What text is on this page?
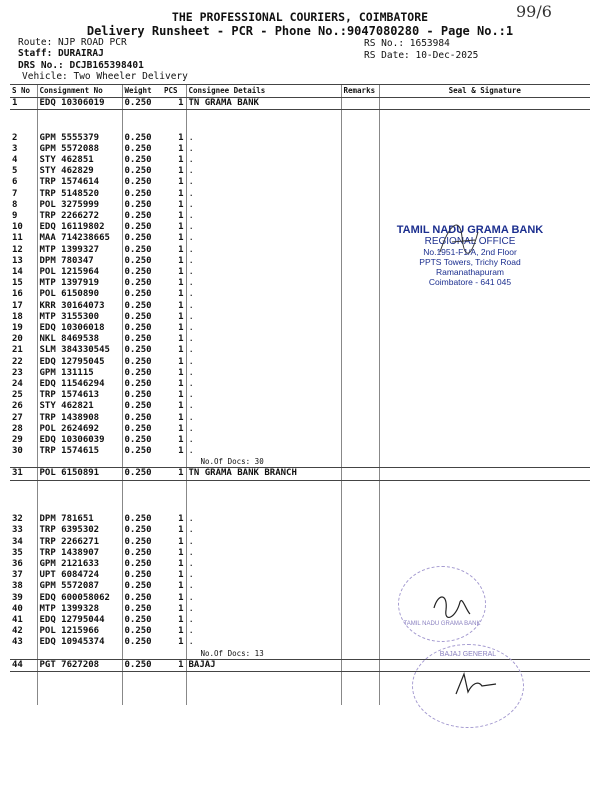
THE PROFESSIONAL COURIERS, COIMBATORE
Delivery Runsheet - PCR - Phone No.:9047080280 - Page No.:1
99/6
Route: NJP ROAD PCR
Staff: DURAIRAJ
DRS No.: DCJB165398401
Vehicle: Two Wheeler Delivery
RS No.: 1653984
RS Date: 10-Dec-2025
S No	Consignment No	Weight	PCS	Consignee Details	Remarks	Seal & Signature
1	EDQ 10306019	0.250	1	TN GRAMA BANK		

2	GPM 5555379	0.250	1	.		
3	GPM 5572088	0.250	1	.		
4	STY 462851	0.250	1	.		
5	STY 462829	0.250	1	.		
6	TRP 1574614	0.250	1	.		
7	TRP 5148520	0.250	1	.		
8	POL 3275999	0.250	1	.		
9	TRP 2266272	0.250	1	.		
10	EDQ 16119802	0.250	1	.		
11	MAA 714238665	0.250	1	.		
12	MTP 1399327	0.250	1	.		
13	DPM 780347	0.250	1	.		
14	POL 1215964	0.250	1	.		
15	MTP 1397919	0.250	1	.		
16	POL 6150890	0.250	1	.		
17	KRR 30164073	0.250	1	.		
18	MTP 3155300	0.250	1	.		
19	EDQ 10306018	0.250	1	.		
20	NKL 8469538	0.250	1	.		
21	SLM 384330545	0.250	1	.		
22	EDQ 12795045	0.250	1	.		
23	GPM 131115	0.250	1	.		
24	EDQ 11546294	0.250	1	.		
25	TRP 1574613	0.250	1	.		
26	STY 462821	0.250	1	.		
27	TRP 1438908	0.250	1	.		
28	POL 2624692	0.250	1	.		
29	EDQ 10306039	0.250	1	.		
30	TRP 1574615	0.250	1	.		
				No.Of Docs: 30		
31	POL 6150891	0.250	1	TN GRAMA BANK BRANCH		

32	DPM 781651	0.250	1	.		
33	TRP 6395302	0.250	1	.		
34	TRP 2266271	0.250	1	.		
35	TRP 1438907	0.250	1	.		
36	GPM 2121633	0.250	1	.		
37	UPT 6084724	0.250	1	.		
38	GPM 5572087	0.250	1	.		
39	EDQ 600058062	0.250	1	.		
40	MTP 1399328	0.250	1	.		
41	EDQ 12795044	0.250	1	.		
42	POL 1215966	0.250	1	.		
43	EDQ 10945374	0.250	1	.		
				No.Of Docs: 13		
44	PGT 7627208	0.250	1	BAJAJ		

TAMIL NADU GRAMA BANK
REGIONAL OFFICE
No.1951-F1/A, 2nd Floor
PPTS Towers, Trichy Road
Ramanathapuram
Coimbatore - 641 045
TAMIL NADU GRAMA BANK
BAJAJ GENERAL
